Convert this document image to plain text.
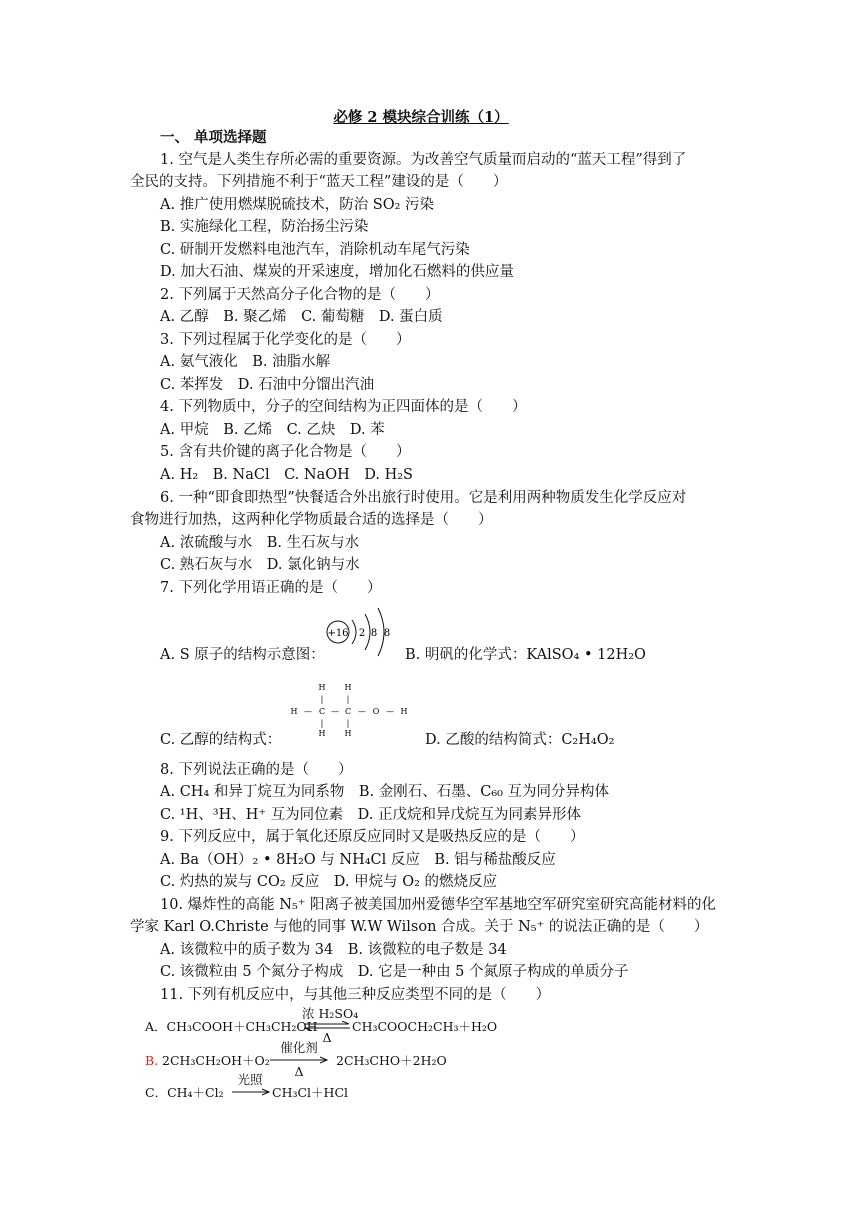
必修 2 模块综合训练（1）
一、 单项选择题
1. 空气是人类生存所必需的重要资源。为改善空气质量而启动的“蓝天工程”得到了
全民的支持。下列措施不利于“蓝天工程”建设的是（　　）
A. 推广使用燃煤脱硫技术，防治 SO₂ 污染
B. 实施绿化工程，防治扬尘污染
C. 研制开发燃料电池汽车，消除机动车尾气污染
D. 加大石油、煤炭的开采速度，增加化石燃料的供应量
2. 下列属于天然高分子化合物的是（　　）
A. 乙醇　B. 聚乙烯　C. 葡萄糖　D. 蛋白质
3. 下列过程属于化学变化的是（　　）
A. 氨气液化　B. 油脂水解
C. 苯挥发　D. 石油中分馏出汽油
4. 下列物质中，分子的空间结构为正四面体的是（　　）
A. 甲烷　B. 乙烯　C. 乙炔　D. 苯
5. 含有共价键的离子化合物是（　　）
A. H₂　B. NaCl　C. NaOH　D. H₂S
6. 一种“即食即热型”快餐适合外出旅行时使用。它是利用两种物质发生化学反应对
食物进行加热，这两种化学物质最合适的选择是（　　）
A. 浓硫酸与水　B. 生石灰与水
C. 熟石灰与水　D. 氯化钠与水
7. 下列化学用语正确的是（　　）
+16 2 8 8
A. S 原子的结构示意图：	B. 明矾的化学式：KAlSO₄ • 12H₂O
H H
|	|
H — C — C — O — H
|	|
H H
C. 乙醇的结构式：	D. 乙酸的结构简式：C₂H₄O₂
8. 下列说法正确的是（　　）
A. CH₄ 和异丁烷互为同系物　B. 金刚石、石墨、C₆₀ 互为同分异构体
C. ¹H、³H、H⁺ 互为同位素　D. 正戊烷和异戊烷互为同素异形体
9. 下列反应中，属于氧化还原反应同时又是吸热反应的是（　　）
A. Ba（OH）₂ • 8H₂O 与 NH₄Cl 反应　B. 铝与稀盐酸反应
C. 灼热的炭与 CO₂ 反应　D. 甲烷与 O₂ 的燃烧反应
10. 爆炸性的高能 N₅⁺ 阳离子被美国加州爱德华空军基地空军研究室研究高能材料的化
学家 Karl O.Christe 与他的同事 W.W Wilson 合成。关于 N₅⁺ 的说法正确的是（　　）
A. 该微粒中的质子数为 34　B. 该微粒的电子数是 34
C. 该微粒由 5 个氮分子构成　D. 它是一种由 5 个氮原子构成的单质分子
11. 下列有机反应中，与其他三种反应类型不同的是（　　）
A．CH₃COOH＋CH₃CH₂OH
浓 H₂SO₄
Δ
CH₃COOCH₂CH₃＋H₂O
B. 2CH₃CH₂OH＋O₂
催化剂
Δ
2CH₃CHO＋2H₂O
C．CH₄＋Cl₂
光照
CH₃Cl＋HCl
